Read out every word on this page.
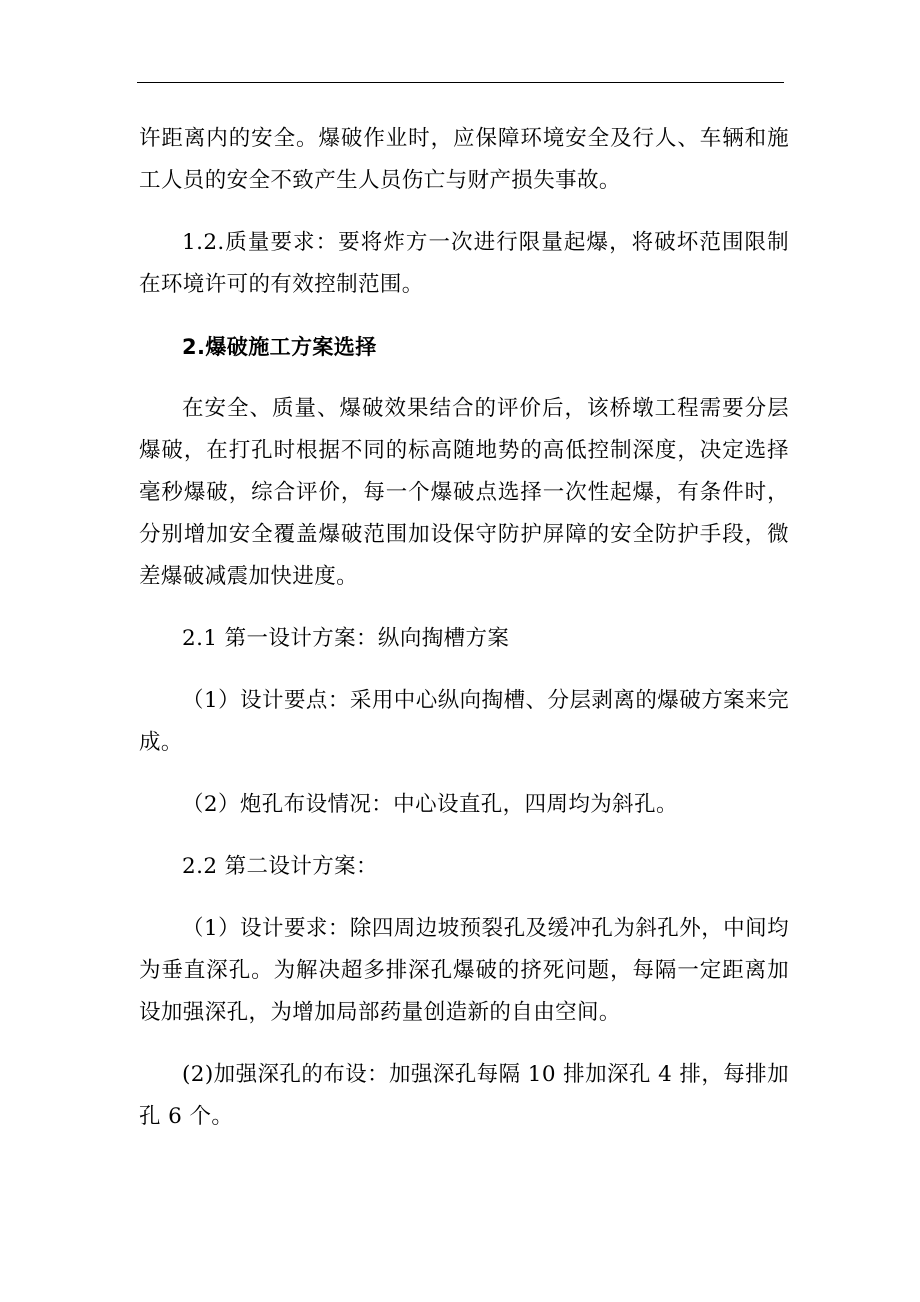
许距离内的安全。爆破作业时，应保障环境安全及行人、车辆和施工人员的安全不致产生人员伤亡与财产损失事故。

1.2.质量要求：要将炸方一次进行限量起爆，将破坏范围限制在环境许可的有效控制范围。

2.爆破施工方案选择

在安全、质量、爆破效果结合的评价后，该桥墩工程需要分层爆破，在打孔时根据不同的标高随地势的高低控制深度，决定选择毫秒爆破，综合评价，每一个爆破点选择一次性起爆，有条件时，分别增加安全覆盖爆破范围加设保守防护屏障的安全防护手段，微差爆破减震加快进度。

2.1 第一设计方案：纵向掏槽方案

（1）设计要点：采用中心纵向掏槽、分层剥离的爆破方案来完成。

（2）炮孔布设情况：中心设直孔，四周均为斜孔。

2.2 第二设计方案：

（1）设计要求：除四周边坡预裂孔及缓冲孔为斜孔外，中间均为垂直深孔。为解决超多排深孔爆破的挤死问题，每隔一定距离加设加强深孔，为增加局部药量创造新的自由空间。

(2)加强深孔的布设：加强深孔每隔 10 排加深孔 4 排，每排加孔 6 个。
